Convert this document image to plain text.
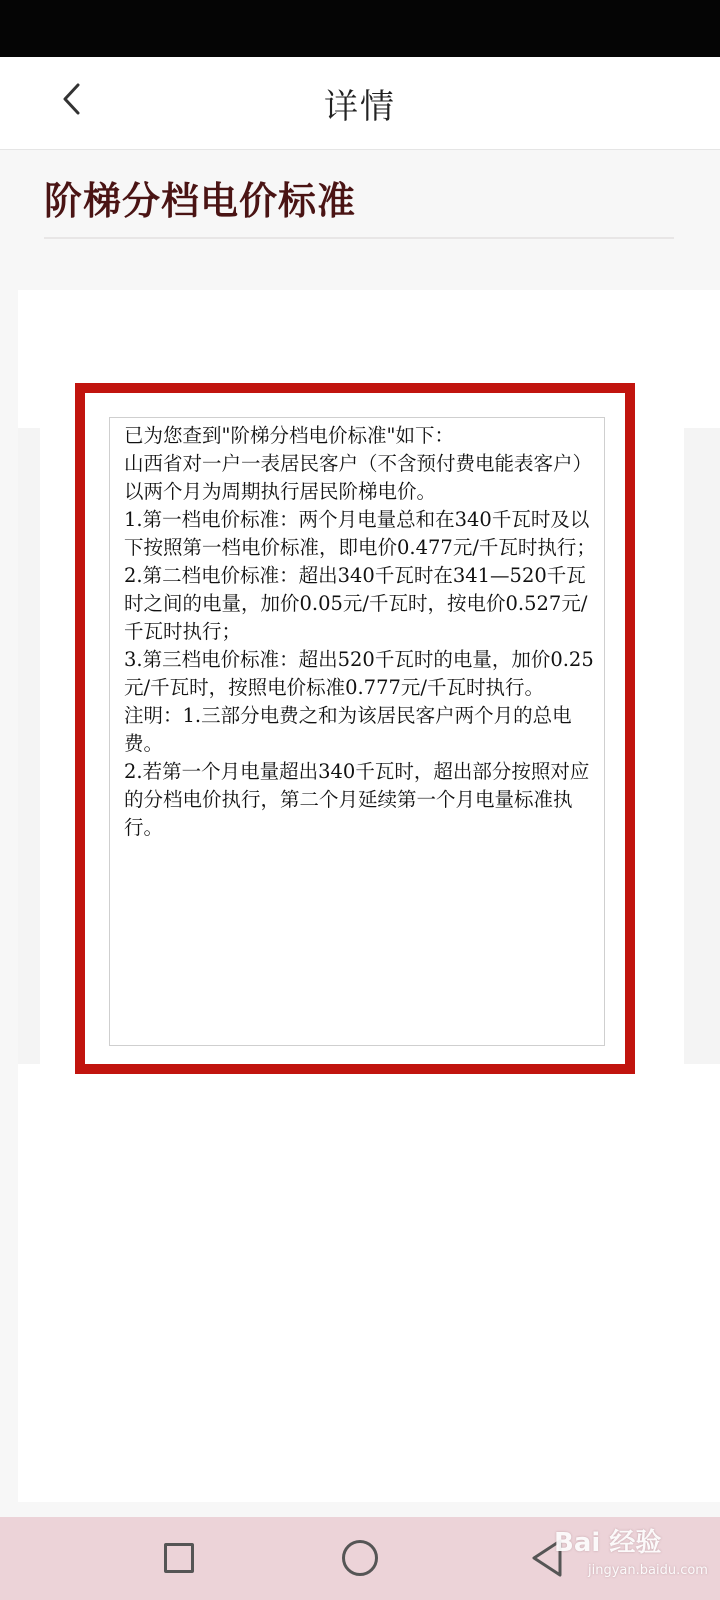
详情
阶梯分档电价标准

已为您查到"阶梯分档电价标准"如下：

山西省对一户一表居民客户（不含预付费电能表客户）以两个月为周期执行居民阶梯电价。

1.第一档电价标准：两个月电量总和在340千瓦时及以下按照第一档电价标准，即电价0.477元/千瓦时执行；

2.第二档电价标准：超出340千瓦时在341—520千瓦时之间的电量，加价0.05元/千瓦时，按电价0.527元/千瓦时执行；

3.第三档电价标准：超出520千瓦时的电量，加价0.25元/千瓦时，按照电价标准0.777元/千瓦时执行。

注明：1.三部分电费之和为该居民客户两个月的总电费。

2.若第一个月电量超出340千瓦时，超出部分按照对应的分档电价执行，第二个月延续第一个月电量标准执行。

Bai 经验
jingyan.baidu.com
